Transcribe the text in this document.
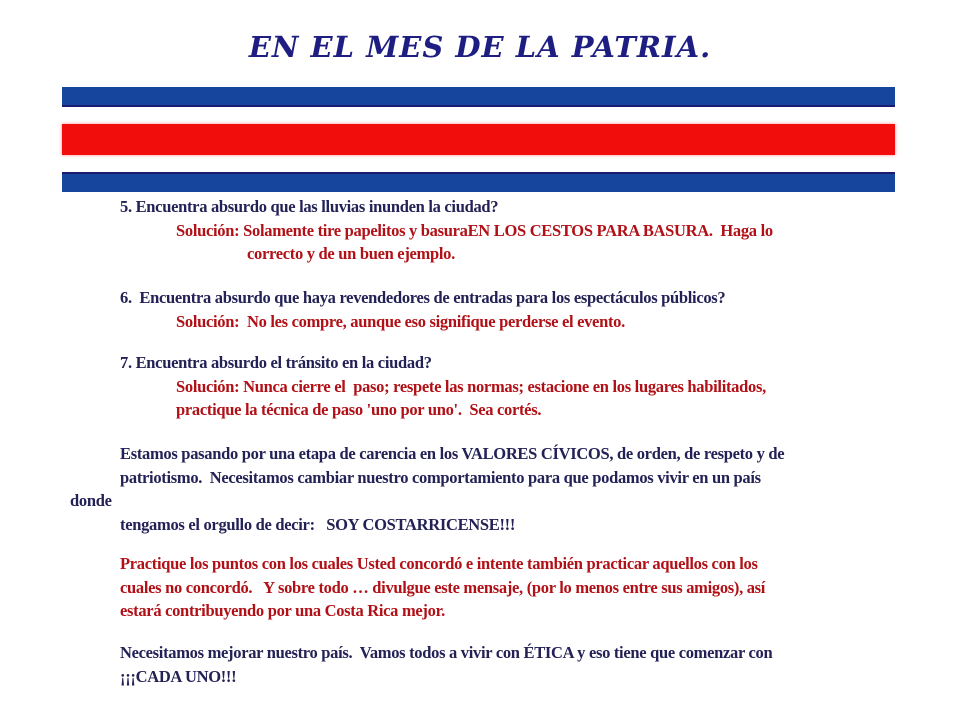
EN EL MES DE LA PATRIA.
5. Encuentra absurdo que las lluvias inunden la ciudad?
Solución: Solamente tire papelitos y basuraEN LOS CESTOS PARA BASURA.  Haga lo
correcto y de un buen ejemplo.
6.  Encuentra absurdo que haya revendedores de entradas para los espectáculos públicos?
Solución:  No les compre, aunque eso signifique perderse el evento.
7. Encuentra absurdo el tránsito en la ciudad?
Solución: Nunca cierre el  paso; respete las normas; estacione en los lugares habilitados,
practique la técnica de paso 'uno por uno'.  Sea cortés.
Estamos pasando por una etapa de carencia en los VALORES CÍVICOS, de orden, de respeto y de
patriotismo.  Necesitamos cambiar nuestro comportamiento para que podamos vivir en un país
donde
tengamos el orgullo de decir:   SOY COSTARRICENSE!!!
Practique los puntos con los cuales Usted concordó e intente también practicar aquellos con los
cuales no concordó.   Y sobre todo … divulgue este mensaje, (por lo menos entre sus amigos), así
estará contribuyendo por una Costa Rica mejor.
Necesitamos mejorar nuestro país.  Vamos todos a vivir con ÉTICA y eso tiene que comenzar con
¡¡¡CADA UNO!!!
